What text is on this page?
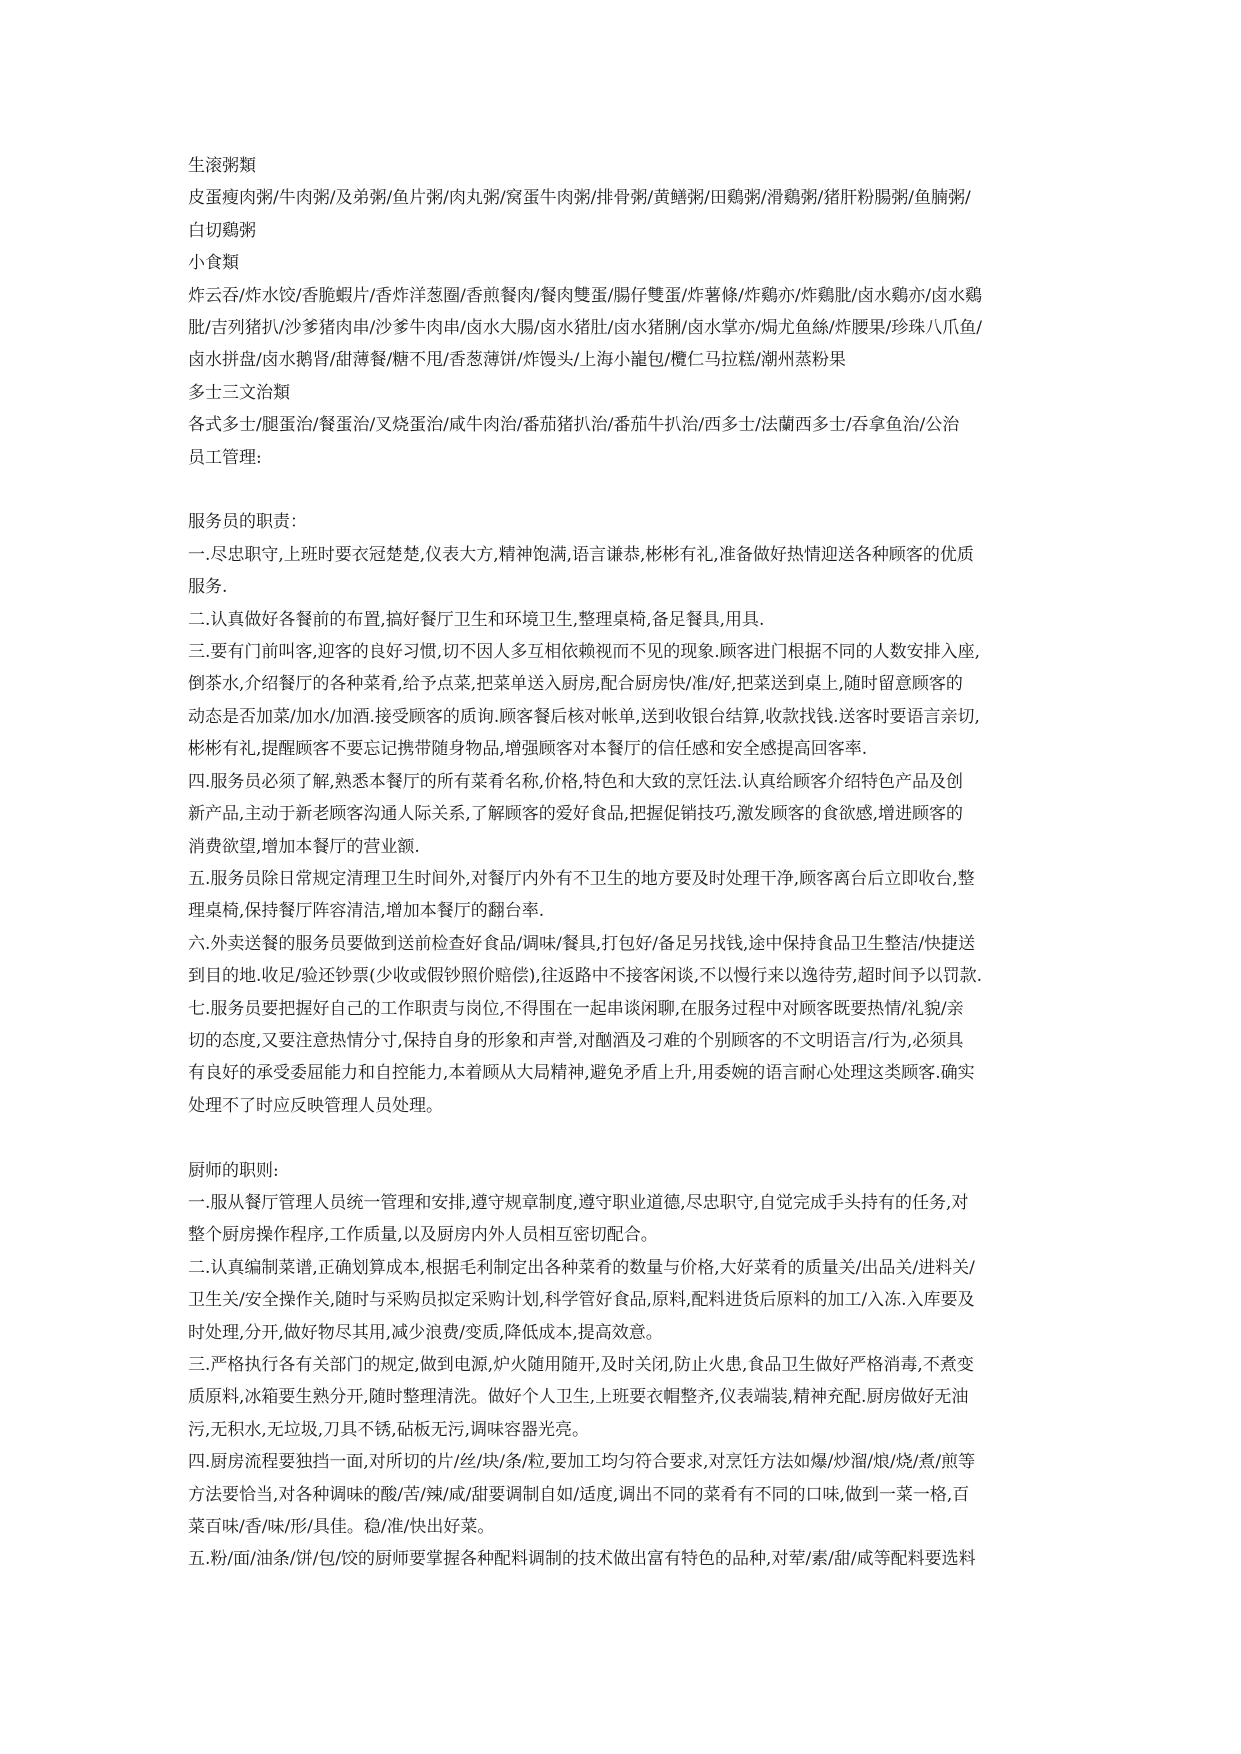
生滚粥類
皮蛋瘦肉粥/牛肉粥/及弟粥/鱼片粥/肉丸粥/窝蛋牛肉粥/排骨粥/黄鳝粥/田鷄粥/滑鷄粥/猪肝粉腸粥/鱼腩粥/
白切鷄粥
小食類
炸云吞/炸水饺/香脆蝦片/香炸洋葱圈/香煎餐肉/餐肉雙蛋/腸仔雙蛋/炸薯條/炸鷄亦/炸鷄肶/卤水鷄亦/卤水鷄
肶/吉列猪扒/沙爹猪肉串/沙爹牛肉串/卤水大腸/卤水猪肚/卤水猪脷/卤水掌亦/焗尤鱼絲/炸腰果/珍珠八爪鱼/
卤水拼盘/卤水鹅肾/甜薄餐/糖不甩/香葱薄饼/炸馒头/上海小巃包/欖仁马拉糕/潮州蒸粉果
多士三文治類
各式多士/腿蛋治/餐蛋治/叉烧蛋治/咸牛肉治/番茄猪扒治/番茄牛扒治/西多士/法蘭西多士/吞拿鱼治/公治
员工管理:
服务员的职责：
一.尽忠职守,上班时要衣冠楚楚,仪表大方,精神饱满,语言谦恭,彬彬有礼,准备做好热情迎送各种顾客的优质
服务.
二.认真做好各餐前的布置,搞好餐厅卫生和环境卫生,整理桌椅,备足餐具,用具.
三.要有门前叫客,迎客的良好习惯,切不因人多互相依赖视而不见的现象.顾客进门根据不同的人数安排入座,
倒茶水,介绍餐厅的各种菜肴,给予点菜,把菜单送入厨房,配合厨房快/准/好,把菜送到桌上,随时留意顾客的
动态是否加菜/加水/加酒.接受顾客的质询.顾客餐后核对帐单,送到收银台结算,收款找钱.送客时要语言亲切,
彬彬有礼,提醒顾客不要忘记携带随身物品,增强顾客对本餐厅的信任感和安全感提高回客率.
四.服务员必须了解,熟悉本餐厅的所有菜肴名称,价格,特色和大致的烹饪法.认真给顾客介绍特色产品及创
新产品,主动于新老顾客沟通人际关系,了解顾客的爱好食品,把握促销技巧,激发顾客的食欲感,增进顾客的
消费欲望,增加本餐厅的营业额.
五.服务员除日常规定清理卫生时间外,对餐厅内外有不卫生的地方要及时处理干净,顾客离台后立即收台,整
理桌椅,保持餐厅阵容清洁,增加本餐厅的翻台率.
六.外卖送餐的服务员要做到送前检查好食品/调味/餐具,打包好/备足另找钱,途中保持食品卫生整洁/快捷送
到目的地.收足/验还钞票(少收或假钞照价赔偿),往返路中不接客闲谈,不以慢行来以逸待劳,超时间予以罚款.
七.服务员要把握好自己的工作职责与岗位,不得围在一起串谈闲聊,在服务过程中对顾客既要热情/礼貌/亲
切的态度,又要注意热情分寸,保持自身的形象和声誉,对酗酒及刁难的个别顾客的不文明语言/行为,必须具
有良好的承受委屈能力和自控能力,本着顾从大局精神,避免矛盾上升,用委婉的语言耐心处理这类顾客.确实
处理不了时应反映管理人员处理。
厨师的职则:
一.服从餐厅管理人员统一管理和安排,遵守规章制度,遵守职业道德,尽忠职守,自觉完成手头持有的任务,对
整个厨房操作程序,工作质量,以及厨房内外人员相互密切配合。
二.认真编制菜谱,正确划算成本,根据毛利制定出各种菜肴的数量与价格,大好菜肴的质量关/出品关/进料关/
卫生关/安全操作关,随时与采购员拟定采购计划,科学管好食品,原料,配料进货后原料的加工/入冻.入库要及
时处理,分开,做好物尽其用,减少浪费/变质,降低成本,提高效意。
三.严格执行各有关部门的规定,做到电源,炉火随用随开,及时关闭,防止火患,食品卫生做好严格消毒,不煮变
质原料,冰箱要生熟分开,随时整理清洗。做好个人卫生,上班要衣帽整齐,仪表端装,精神充配.厨房做好无油
污,无积水,无垃圾,刀具不锈,砧板无污,调味容器光亮。
四.厨房流程要独挡一面,对所切的片/丝/块/条/粒,要加工均匀符合要求,对烹饪方法如爆/炒溜/烺/烧/煮/煎等
方法要恰当,对各种调味的酸/苦/辣/咸/甜要调制自如/适度,调出不同的菜肴有不同的口味,做到一菜一格,百
菜百味/香/味/形/具佳。稳/准/快出好菜。
五.粉/面/油条/饼/包/饺的厨师要掌握各种配料调制的技术做出富有特色的品种,对荤/素/甜/咸等配料要选料
